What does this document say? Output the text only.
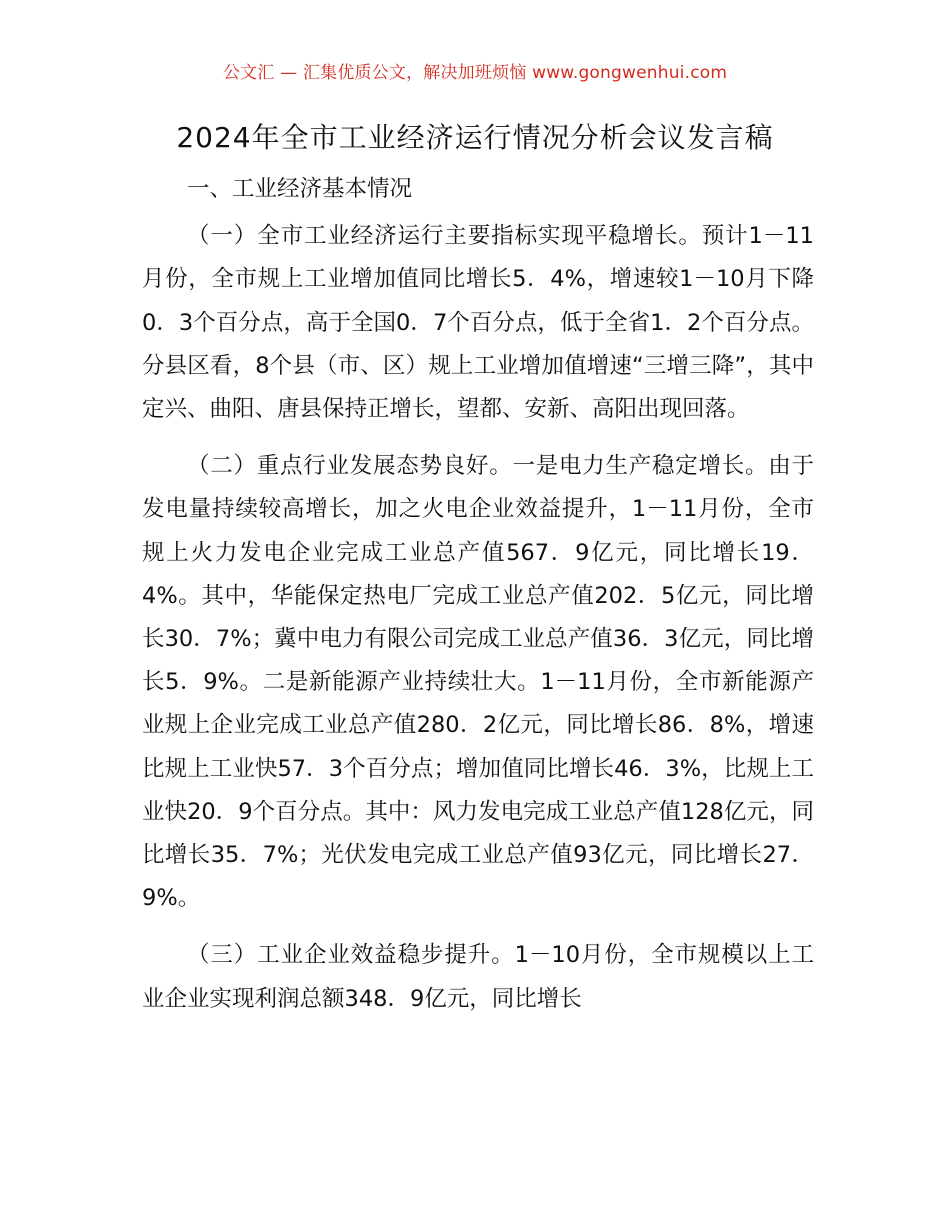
公文汇 — 汇集优质公文，解决加班烦恼 www.gongwenhui.com
2024年全市工业经济运行情况分析会议发言稿

一、工业经济基本情况

（一）全市工业经济运行主要指标实现平稳增长。预计1－11月份，全市规上工业增加值同比增长5．4%，增速较1－10月下降0．3个百分点，高于全国0．7个百分点，低于全省1．2个百分点。分县区看，8个县（市、区）规上工业增加值增速“三增三降”，其中定兴、曲阳、唐县保持正增长，望都、安新、高阳出现回落。

（二）重点行业发展态势良好。一是电力生产稳定增长。由于发电量持续较高增长，加之火电企业效益提升，1－11月份，全市规上火力发电企业完成工业总产值567．9亿元，同比增长19．4%。其中，华能保定热电厂完成工业总产值202．5亿元，同比增长30．7%；冀中电力有限公司完成工业总产值36．3亿元，同比增长5．9%。二是新能源产业持续壮大。1－11月份，全市新能源产业规上企业完成工业总产值280．2亿元，同比增长86．8%，增速比规上工业快57．3个百分点；增加值同比增长46．3%，比规上工业快20．9个百分点。其中：风力发电完成工业总产值128亿元，同比增长35．7%；光伏发电完成工业总产值93亿元，同比增长27．9%。

（三）工业企业效益稳步提升。1－10月份，全市规模以上工业企业实现利润总额348．9亿元，同比增长
